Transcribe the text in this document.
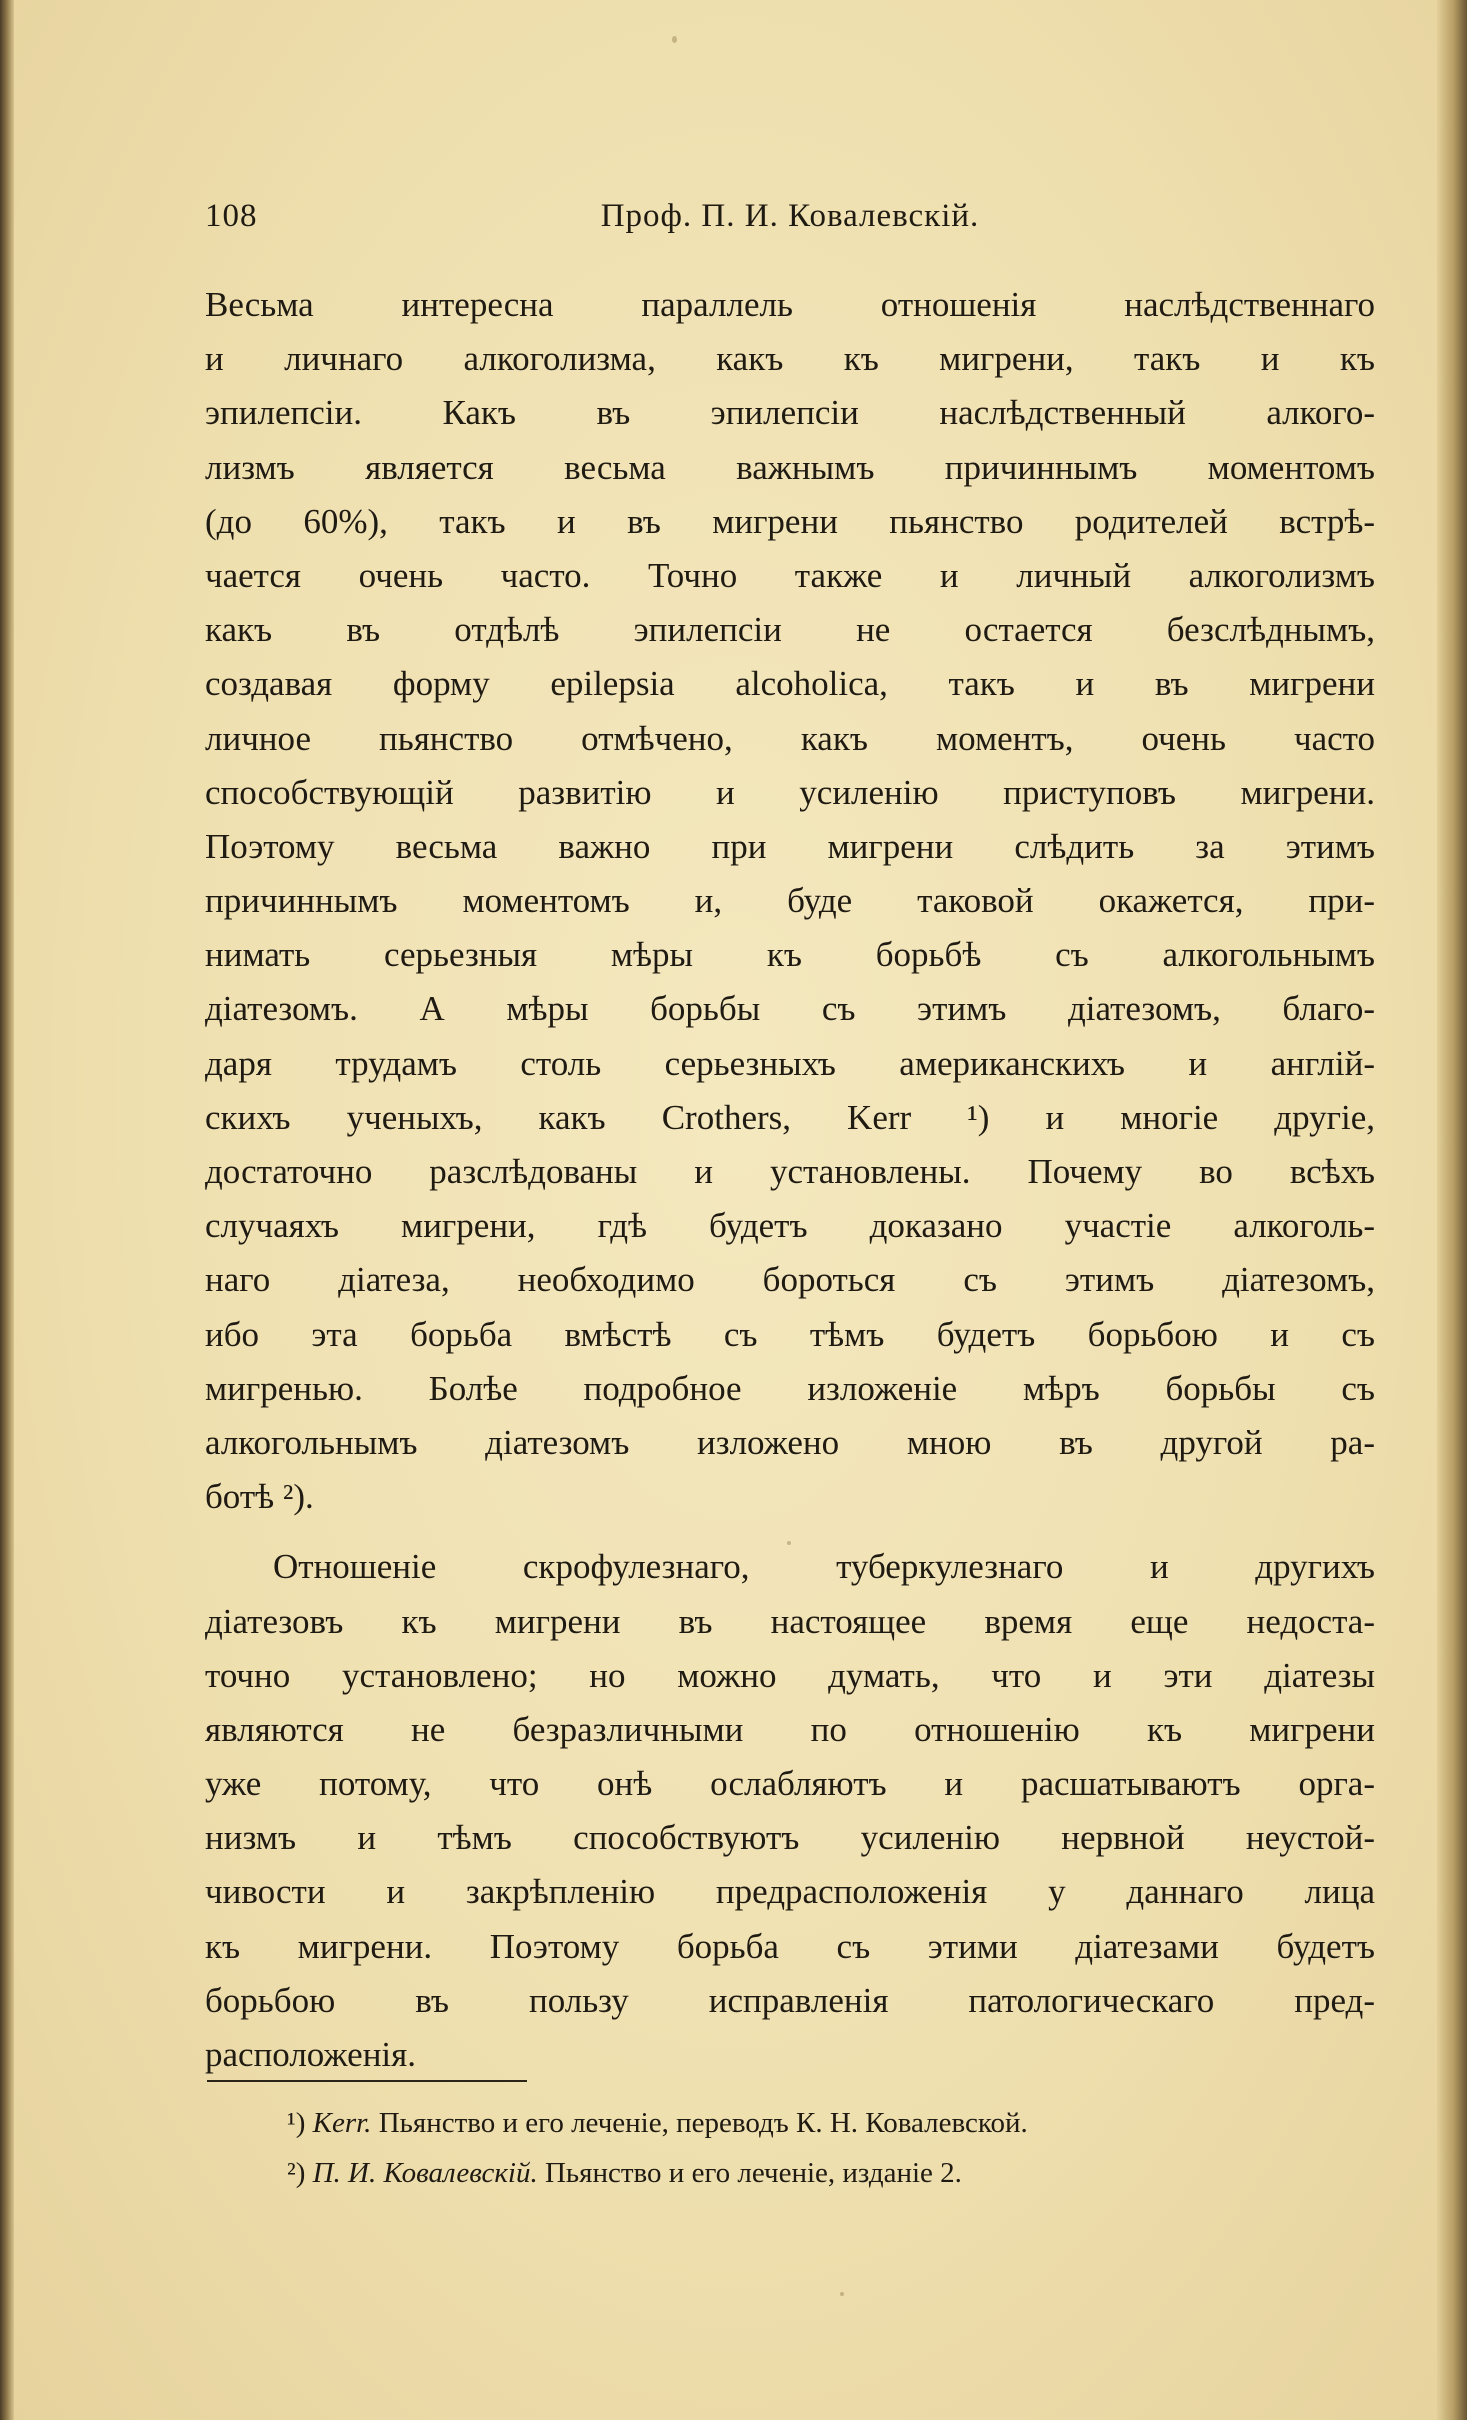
108	Проф. П. И. Ковалевскій.
Весьма интересна параллель отношенія наслѣдственнаго
и личнаго алкоголизма, какъ къ мигрени, такъ и къ
эпилепсіи. Какъ въ эпилепсіи наслѣдственный алкого-
лизмъ является весьма важнымъ причиннымъ моментомъ
(до 60%), такъ и въ мигрени пьянство родителей встрѣ-
чается очень часто. Точно также и личный алкоголизмъ
какъ въ отдѣлѣ эпилепсіи не остается безслѣднымъ,
создавая форму epilepsia alcoholica, такъ и въ мигрени
личное пьянство отмѣчено, какъ моментъ, очень часто
способствующій развитію и усиленію приступовъ мигрени.
Поэтому весьма важно при мигрени слѣдить за этимъ
причиннымъ моментомъ и, буде таковой окажется, при-
нимать серьезныя мѣры къ борьбѣ съ алкогольнымъ
діатезомъ. А мѣры борьбы съ этимъ діатезомъ, благо-
даря трудамъ столь серьезныхъ американскихъ и англій-
скихъ ученыхъ, какъ Crothers, Kerr ¹) и многіе другіе,
достаточно разслѣдованы и установлены. Почему во всѣхъ
случаяхъ мигрени, гдѣ будетъ доказано участіе алкоголь-
наго діатеза, необходимо бороться съ этимъ діатезомъ,
ибо эта борьба вмѣстѣ съ тѣмъ будетъ борьбою и съ
мигренью. Болѣе подробное изложеніе мѣръ борьбы съ
алкогольнымъ діатезомъ изложено мною въ другой ра-
ботѣ ²).
Отношеніе скрофулезнаго, туберкулезнаго и другихъ
діатезовъ къ мигрени въ настоящее время еще недоста-
точно установлено; но можно думать, что и эти діатезы
являются не безразличными по отношенію къ мигрени
уже потому, что онѣ ослабляютъ и расшатываютъ орга-
низмъ и тѣмъ способствуютъ усиленію нервной неустой-
чивости и закрѣпленію предрасположенія у даннаго лица
къ мигрени. Поэтому борьба съ этими діатезами будетъ
борьбою въ пользу исправленія патологическаго пред-
расположенія.
¹) Kerr. Пьянство и его леченіе, переводъ К. Н. Ковалевской.
²) П. И. Ковалевскій. Пьянство и его леченіе, изданіе 2.
